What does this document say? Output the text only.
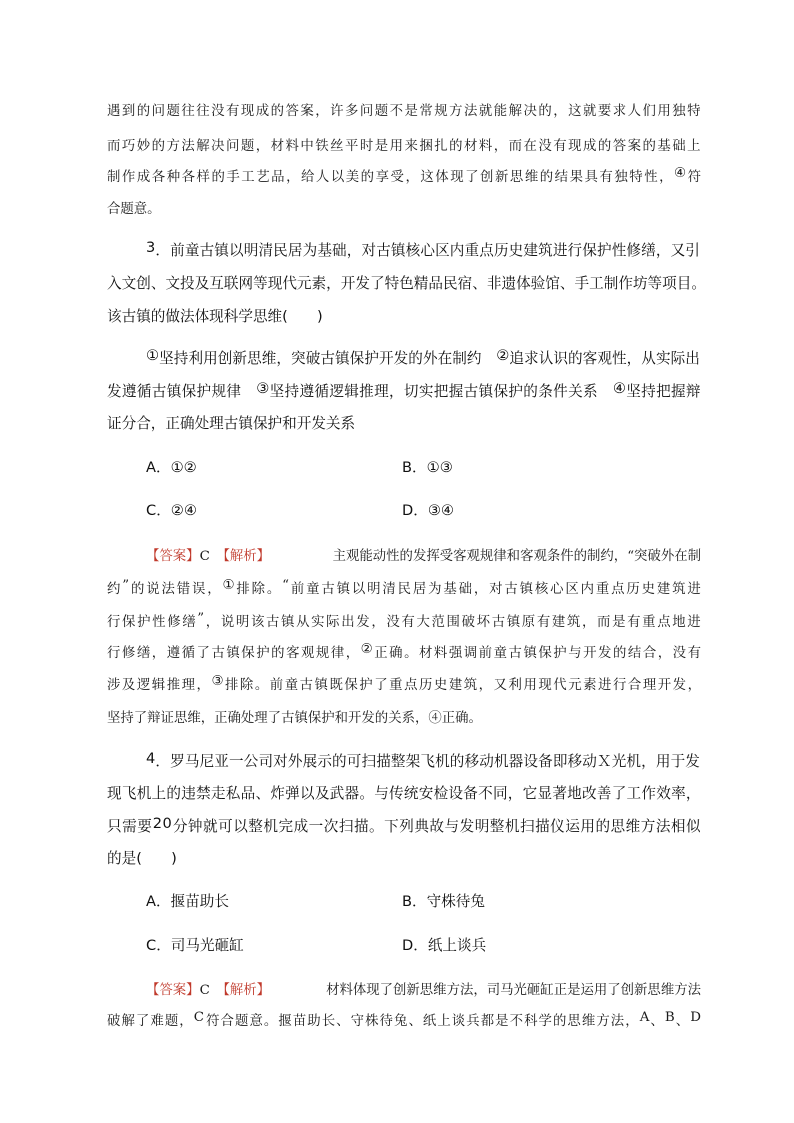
遇 到 的 问 题 往 往 没 有 现 成 的 答 案 ， 许 多 问 题 不 是 常 规 方 法 就 能 解 决 的 ， 这 就 要 求 人 们 用 独 特
而 巧 妙 的 方 法 解 决 问 题 ， 材 料 中 铁 丝 平 时 是 用 来 捆 扎 的 材 料 ， 而 在 没 有 现 成 的 答 案 的 基 础 上
制 作 成 各 种 各 样 的 手 工 艺 品 ， 给 人 以 美 的 享 受 ， 这 体 现 了 创 新 思 维 的 结 果 具 有 独 特 性 ， ④ 符
合题意。
3 ． 前 童 古 镇 以 明 清 民 居 为 基 础 ， 对 古 镇 核 心 区 内 重 点 历 史 建 筑 进 行 保 护 性 修 缮 ， 又 引
入 文 创 、 文 投 及 互 联 网 等 现 代 元 素 ， 开 发 了 特 色 精 品 民 宿 、 非 遗 体 验 馆 、 手 工 制 作 坊 等 项 目 。
该古镇的做法体现科学思维(　　)
① 坚 持 利 用 创 新 思 维 ， 突 破 古 镇 保 护 开 发 的 外 在 制 约
　 ② 追 求 认 识 的 客 观 性 ， 从 实 际 出
发 遵 循 古 镇 保 护 规 律
　 ③ 坚 持 遵 循 逻 辑 推 理 ， 切 实 把 握 古 镇 保 护 的 条 件 关 系
　 ④ 坚 持 把 握 辩
证分合，正确处理古镇保护和开发关系
A．①②	B．①③
C．②④	D．③④
【答案】C　 【解析】	主观能动性的发挥受客观规律和客观条件的制约，“突破外在制
约 ” 的 说 法 错 误 ， ① 排 除 。 “ 前 童 古 镇 以 明 清 民 居 为 基 础 ， 对 古 镇 核 心 区 内 重 点 历 史 建 筑 进
行 保 护 性 修 缮 ” ， 说 明 该 古 镇 从 实 际 出 发 ， 没 有 大 范 围 破 坏 古 镇 原 有 建 筑 ， 而 是 有 重 点 地 进
行 修 缮 ， 遵 循 了 古 镇 保 护 的 客 观 规 律 ， ② 正 确 。 材 料 强 调 前 童 古 镇 保 护 与 开 发 的 结 合 ， 没 有
涉 及 逻 辑 推 理 ， ③ 排 除 。 前 童 古 镇 既 保 护 了 重 点 历 史 建 筑 ， 又 利 用 现 代 元 素 进 行 合 理 开 发 ，
坚持了辩证思维，正确处理了古镇保护和开发的关系，④正确。
4 ． 罗 马 尼 亚 一 公 司 对 外 展 示 的 可 扫 描 整 架 飞 机 的 移 动 机 器 设 备 即 移 动 Ｘ 光 机 ， 用 于 发
现 飞 机 上 的 违 禁 走 私 品 、 炸 弹 以 及 武 器 。 与 传 统 安 检 设 备 不 同 ， 它 显 著 地 改 善 了 工 作 效 率 ，
只 需 要 2 0 分 钟 就 可 以 整 机 完 成 一 次 扫 描 。 下 列 典 故 与 发 明 整 机 扫 描 仪 运 用 的 思 维 方 法 相 似
的是(　　)
A．揠苗助长	B．守株待兔
C．司马光砸缸	D．纸上谈兵
【答案】C　 【解析】	材料体现了创新思维方法，司马光砸缸正是运用了创新思维方法
破 解 了 难 题 ， C 符 合 题 意 。 揠 苗 助 长 、 守 株 待 兔 、 纸 上 谈 兵 都 是 不 科 学 的 思 维 方 法 ， A 、 B 、 D
